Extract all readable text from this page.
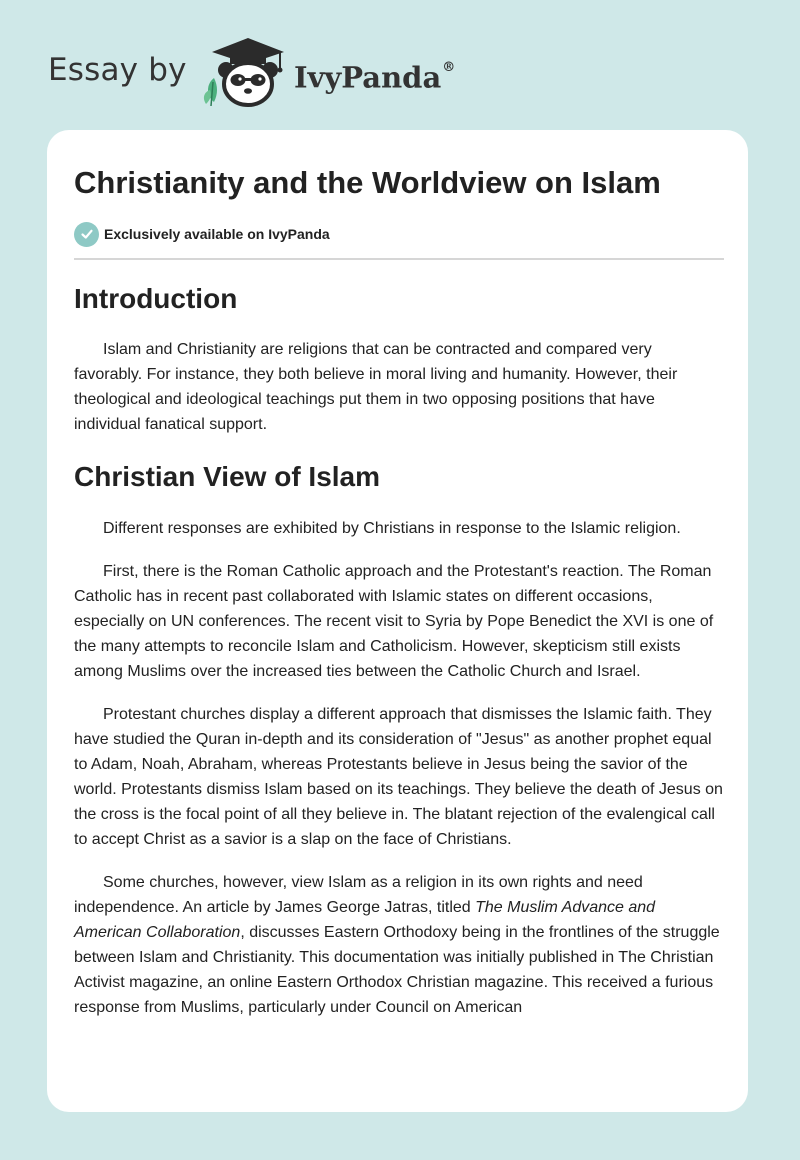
Essay by	IvyPanda®
Christianity and the Worldview on Islam
Exclusively available on IvyPanda
Introduction

Islam and Christianity are religions that can be contracted and compared very favorably. For instance, they both believe in moral living and humanity. However, their theological and ideological teachings put them in two opposing positions that have individual fanatical support.

Christian View of Islam

Different responses are exhibited by Christians in response to the Islamic religion.

First, there is the Roman Catholic approach and the Protestant's reaction. The Roman Catholic has in recent past collaborated with Islamic states on different occasions, especially on UN conferences. The recent visit to Syria by Pope Benedict the XVI is one of the many attempts to reconcile Islam and Catholicism. However, skepticism still exists among Muslims over the increased ties between the Catholic Church and Israel.

Protestant churches display a different approach that dismisses the Islamic faith. They have studied the Quran in-depth and its consideration of "Jesus" as another prophet equal to Adam, Noah, Abraham, whereas Protestants believe in Jesus being the savior of the world. Protestants dismiss Islam based on its teachings. They believe the death of Jesus on the cross is the focal point of all they believe in. The blatant rejection of the evalengical call to accept Christ as a savior is a slap on the face of Christians.

Some churches, however, view Islam as a religion in its own rights and need independence. An article by James George Jatras, titled The Muslim Advance and American Collaboration, discusses Eastern Orthodoxy being in the frontlines of the struggle between Islam and Christianity. This documentation was initially published in The Christian Activist magazine, an online Eastern Orthodox Christian magazine. This received a furious response from Muslims, particularly under Council on American
